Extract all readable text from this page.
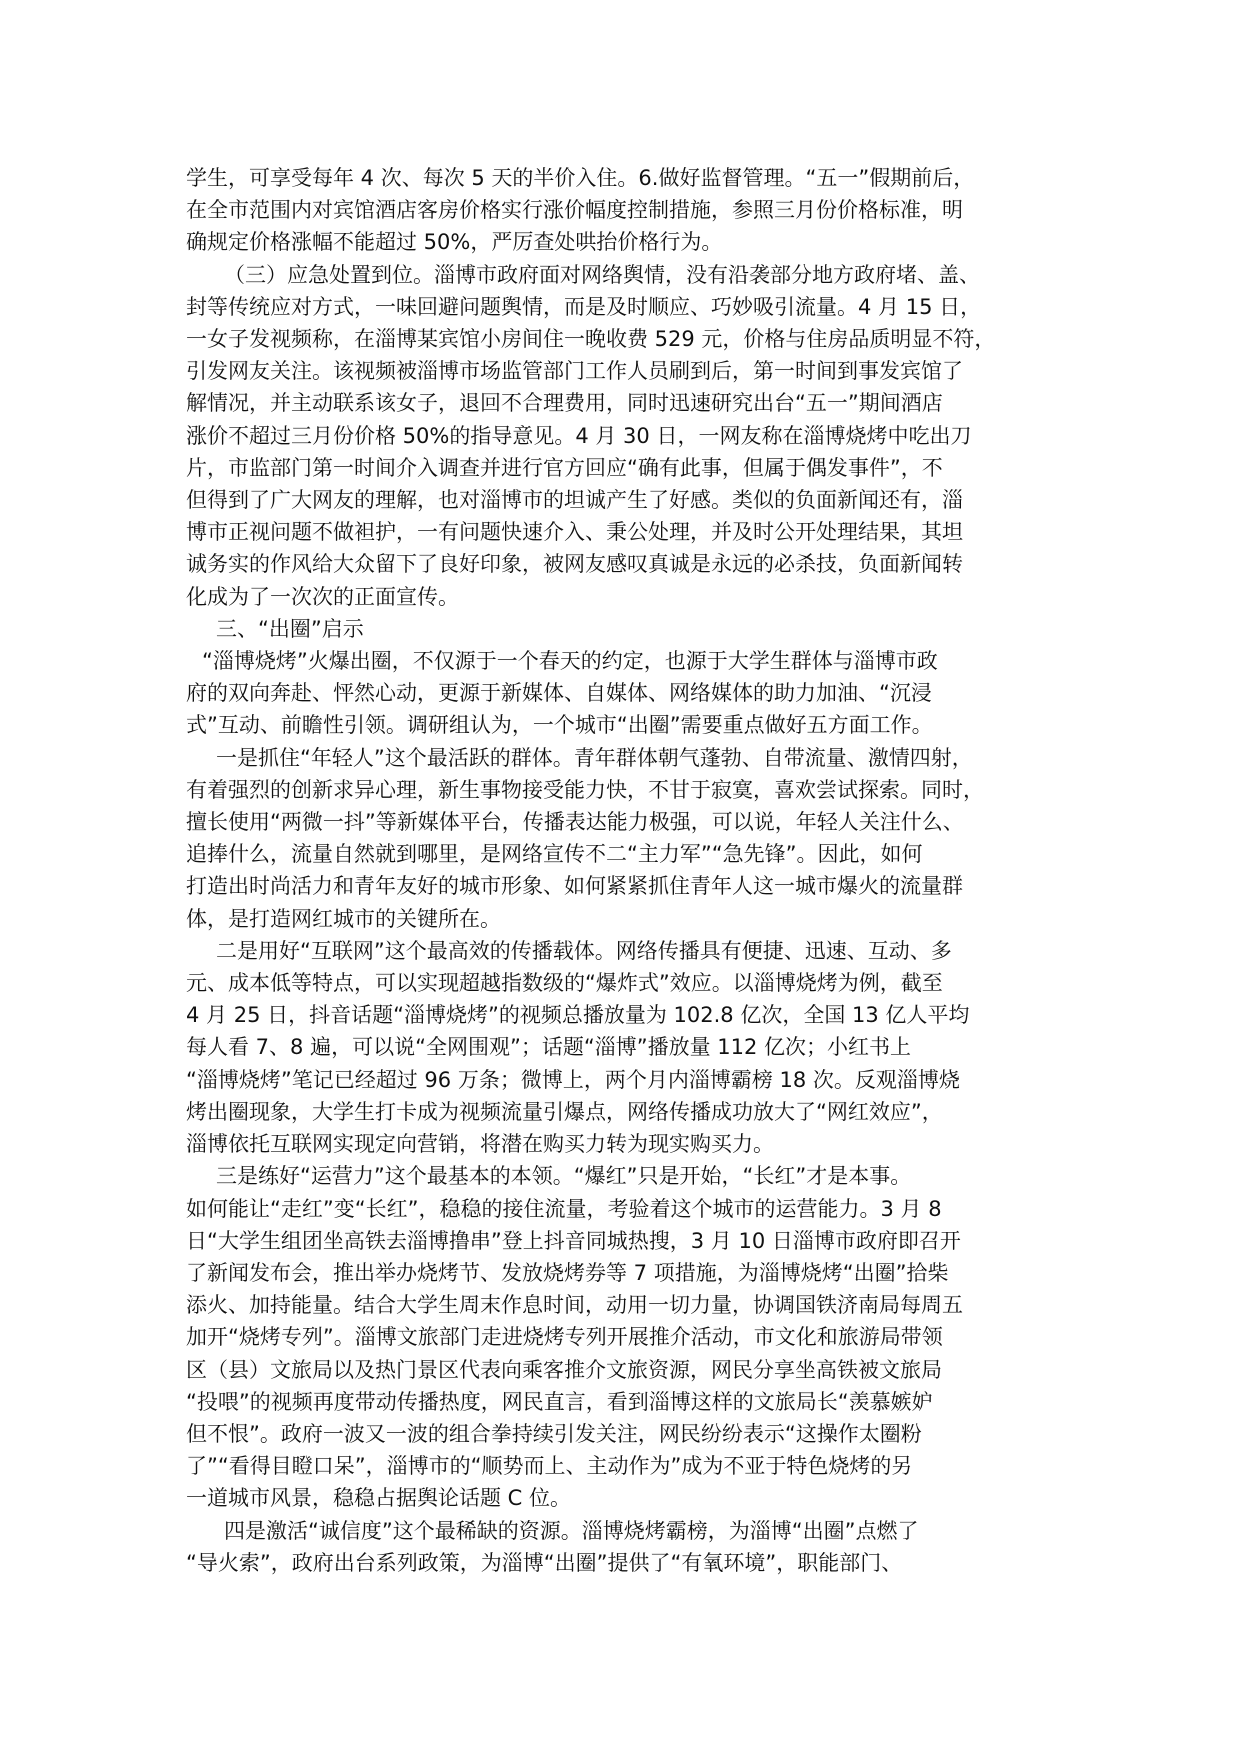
学生，可享受每年 4 次、每次 5 天的半价入住。6.做好监督管理。“五一”假期前后，
在全市范围内对宾馆酒店客房价格实行涨价幅度控制措施，参照三月份价格标准，明
确规定价格涨幅不能超过 50%，严厉查处哄抬价格行为。
（三）应急处置到位。淄博市政府面对网络舆情，没有沿袭部分地方政府堵、盖、
封等传统应对方式，一味回避问题舆情，而是及时顺应、巧妙吸引流量。4 月 15 日，
一女子发视频称，在淄博某宾馆小房间住一晚收费 529 元，价格与住房品质明显不符，
引发网友关注。该视频被淄博市场监管部门工作人员刷到后，第一时间到事发宾馆了
解情况，并主动联系该女子，退回不合理费用，同时迅速研究出台“五一”期间酒店
涨价不超过三月份价格 50%的指导意见。4 月 30 日，一网友称在淄博烧烤中吃出刀
片，市监部门第一时间介入调查并进行官方回应“确有此事，但属于偶发事件”，不
但得到了广大网友的理解，也对淄博市的坦诚产生了好感。类似的负面新闻还有，淄
博市正视问题不做袒护，一有问题快速介入、秉公处理，并及时公开处理结果，其坦
诚务实的作风给大众留下了良好印象，被网友感叹真诚是永远的必杀技，负面新闻转
化成为了一次次的正面宣传。
三、“出圈”启示
“淄博烧烤”火爆出圈，不仅源于一个春天的约定，也源于大学生群体与淄博市政
府的双向奔赴、怦然心动，更源于新媒体、自媒体、网络媒体的助力加油、“沉浸
式”互动、前瞻性引领。调研组认为，一个城市“出圈”需要重点做好五方面工作。
一是抓住“年轻人”这个最活跃的群体。青年群体朝气蓬勃、自带流量、激情四射，
有着强烈的创新求异心理，新生事物接受能力快，不甘于寂寞，喜欢尝试探索。同时，
擅长使用“两微一抖”等新媒体平台，传播表达能力极强，可以说，年轻人关注什么、
追捧什么，流量自然就到哪里，是网络宣传不二“主力军”“急先锋”。因此，如何
打造出时尚活力和青年友好的城市形象、如何紧紧抓住青年人这一城市爆火的流量群
体，是打造网红城市的关键所在。
二是用好“互联网”这个最高效的传播载体。网络传播具有便捷、迅速、互动、多
元、成本低等特点，可以实现超越指数级的“爆炸式”效应。以淄博烧烤为例，截至
4 月 25 日，抖音话题“淄博烧烤”的视频总播放量为 102.8 亿次，全国 13 亿人平均
每人看 7、8 遍，可以说“全网围观”；话题“淄博”播放量 112 亿次；小红书上
“淄博烧烤”笔记已经超过 96 万条；微博上，两个月内淄博霸榜 18 次。反观淄博烧
烤出圈现象，大学生打卡成为视频流量引爆点，网络传播成功放大了“网红效应”，
淄博依托互联网实现定向营销，将潜在购买力转为现实购买力。
三是练好“运营力”这个最基本的本领。“爆红”只是开始，“长红”才是本事。
如何能让“走红”变“长红”，稳稳的接住流量，考验着这个城市的运营能力。3 月 8
日“大学生组团坐高铁去淄博撸串”登上抖音同城热搜，3 月 10 日淄博市政府即召开
了新闻发布会，推出举办烧烤节、发放烧烤券等 7 项措施，为淄博烧烤“出圈”拾柴
添火、加持能量。结合大学生周末作息时间，动用一切力量，协调国铁济南局每周五
加开“烧烤专列”。淄博文旅部门走进烧烤专列开展推介活动，市文化和旅游局带领
区（县）文旅局以及热门景区代表向乘客推介文旅资源，网民分享坐高铁被文旅局
“投喂”的视频再度带动传播热度，网民直言，看到淄博这样的文旅局长“羡慕嫉妒
但不恨”。政府一波又一波的组合拳持续引发关注，网民纷纷表示“这操作太圈粉
了”“看得目瞪口呆”，淄博市的“顺势而上、主动作为”成为不亚于特色烧烤的另
一道城市风景，稳稳占据舆论话题 C 位。
四是激活“诚信度”这个最稀缺的资源。淄博烧烤霸榜，为淄博“出圈”点燃了
“导火索”，政府出台系列政策，为淄博“出圈”提供了“有氧环境”，职能部门、
